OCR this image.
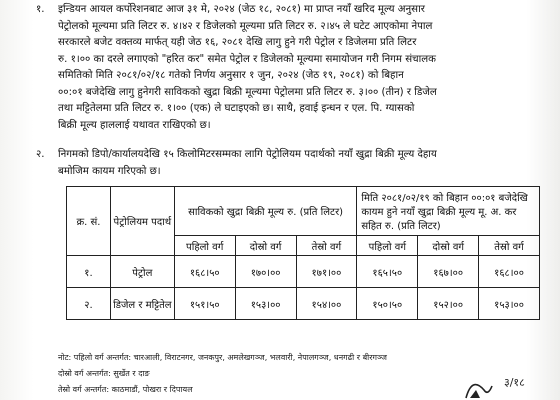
१. इन्डियन आयल कर्पोरेशनबाट आज ३१ मे, २०२४ (जेठ १८, २०८१) मा प्राप्त नयाँ खरिद मूल्य अनुसार
पेट्रोलको मूल्यमा प्रति लिटर रु. ४।४२ र डिजेलको मूल्यमा प्रति लिटर रु. २।४५ ले घटेट आएकोमा नेपाल
सरकारले बजेट वक्तव्य मार्फत् यही जेठ १६, २०८१ देखि लागु हुने गरी पेट्रोल र डिजेलमा प्रति लिटर
रु. १।०० का दरले लगाएको "हरित कर" समेत पेट्रोल र डिजेलको मूल्यमा समायोजन गरी निगम संचालक
समितिको मिति २०८१/०२/१८ गतेको निर्णय अनुसार १ जुन, २०२४ (जेठ १९, २०८१) को बिहान
००:०१ बजेदेखि लागु हुनेगरी साविकको खुद्रा बिक्री मूल्यमा पेट्रोलमा प्रति लिटर रु. ३।०० (तीन) र डिजेल
तथा मट्टितेलमा प्रति लिटर रु. १।०० (एक) ले घटाइएको छ। साथै, हवाई इन्धन र एल. पि. ग्यासको
बिक्री मूल्य हाललाई यथावत राखिएको छ।
२. निगमको डिपो/कार्यालयदेखि १५ किलोमिटरसम्मका लागि पेट्रोलियम पदार्थको नयाँ खुद्रा बिक्री मूल्य देहाय
बमोजिम कायम गरिएको छ।
क्र. सं.	पेट्रोलियम पदार्थ	साविकको खुद्रा बिक्री मूल्य रु. (प्रति लिटर)			मिति २०८१/०२/१९ को बिहान ००:०१ बजेदेखि कायम हुने नयाँ खुद्रा बिक्री मूल्य मू. अ. कर सहित रु. (प्रति लिटर)		
		पहिलो वर्ग	दोस्रो वर्ग	तेस्रो वर्ग	पहिलो वर्ग	दोस्रो वर्ग	तेस्रो वर्ग
१.	पेट्रोल	१६८।५०	१७०।००	१७१।००	१६५।५०	१६७।००	१६८।००
२.	डिजेल र मट्टितेल	१५१।५०	१५३।००	१५४।००	१५०।५०	१५२।००	१५३।००
नोट: पहिलो वर्ग अन्तर्गत: चारआली, विराटनगर, जनकपुर, अमलेखगञ्ज, भलवारी, नेपालगञ्ज, धनगढी र बीरगञ्ज
दोस्रो वर्ग अन्तर्गत: सुर्खेत र दाङ
तेस्रो वर्ग अन्तर्गत: काठमाडौं, पोखरा र दिपायल
३/१८
